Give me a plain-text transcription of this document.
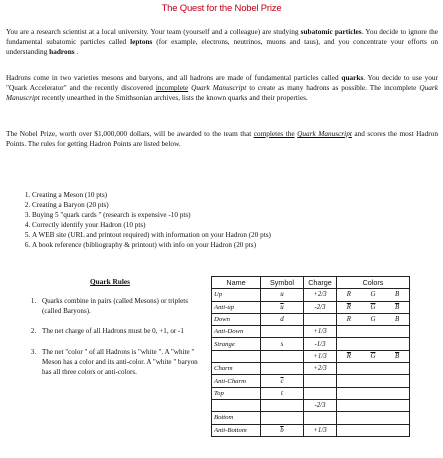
The Quest for the Nobel Prize

You are a research scientist at a local university. Your team (yourself and a colleague) are studying subatomic particles. You decide to ignore the fundamental subatomic particles called leptons (for example, electrons, neutrinos, muons and taus), and you concentrate your efforts on understanding hadrons .

Hadrons come in two varieties mesons and baryons, and all hadrons are made of fundamental particles called quarks. You decide to use your "Quark Accelerator" and the recently discovered incomplete Quark Manuscript to create as many hadrons as possible. The incomplete Quark Manuscript recently unearthed in the Smithsonian archives, lists the known quarks and their properties.

The Nobel Prize, worth over $1,000,000 dollars, will be awarded to the team that completes the Quark Manuscript and scores the most Hadron Points. The rules for getting Hadron Points are listed below.

1. Creating a Meson (10 pts)
2. Creating a Baryon (20 pts)
3. Buying 5 "quark cards " (research is expensive -10 pts)
4. Correctly identify your Hadron (10 pts)
5. A WEB site (URL and printout required) with information on your Hadron (20 pts)
6. A book reference (bibliography & printout) with info on your Hadron (20 pts)
Quark Rules
1. Quarks combine in pairs (called Mesons) or triplets (called Baryons).
2. The net charge of all Hadrons must be 0, +1, or -1
3. The net "color " of all Hadrons is "white ". A "white " Meson has a color and its anti-color. A "white " baryon has all three colors or anti-colors.
Name	Symbol	Charge	Colors
Up	u	+2/3	R G B

Anti-up	$\overline{u}$	-2/3	$\overline{R}$ $\overline{G}$ $\overline{B}$

Down	d		R G B

Anti-Down		+1/3	

Strange	s	-1/3	

		+1/3	$\overline{R}$ $\overline{G}$ $\overline{B}$

Charm		+2/3	

Anti-Charm	$\overline{c}$		

Top	t		

		-2/3	

Bottom			

Anti-Bottom	$\overline{b}$	+1/3	
